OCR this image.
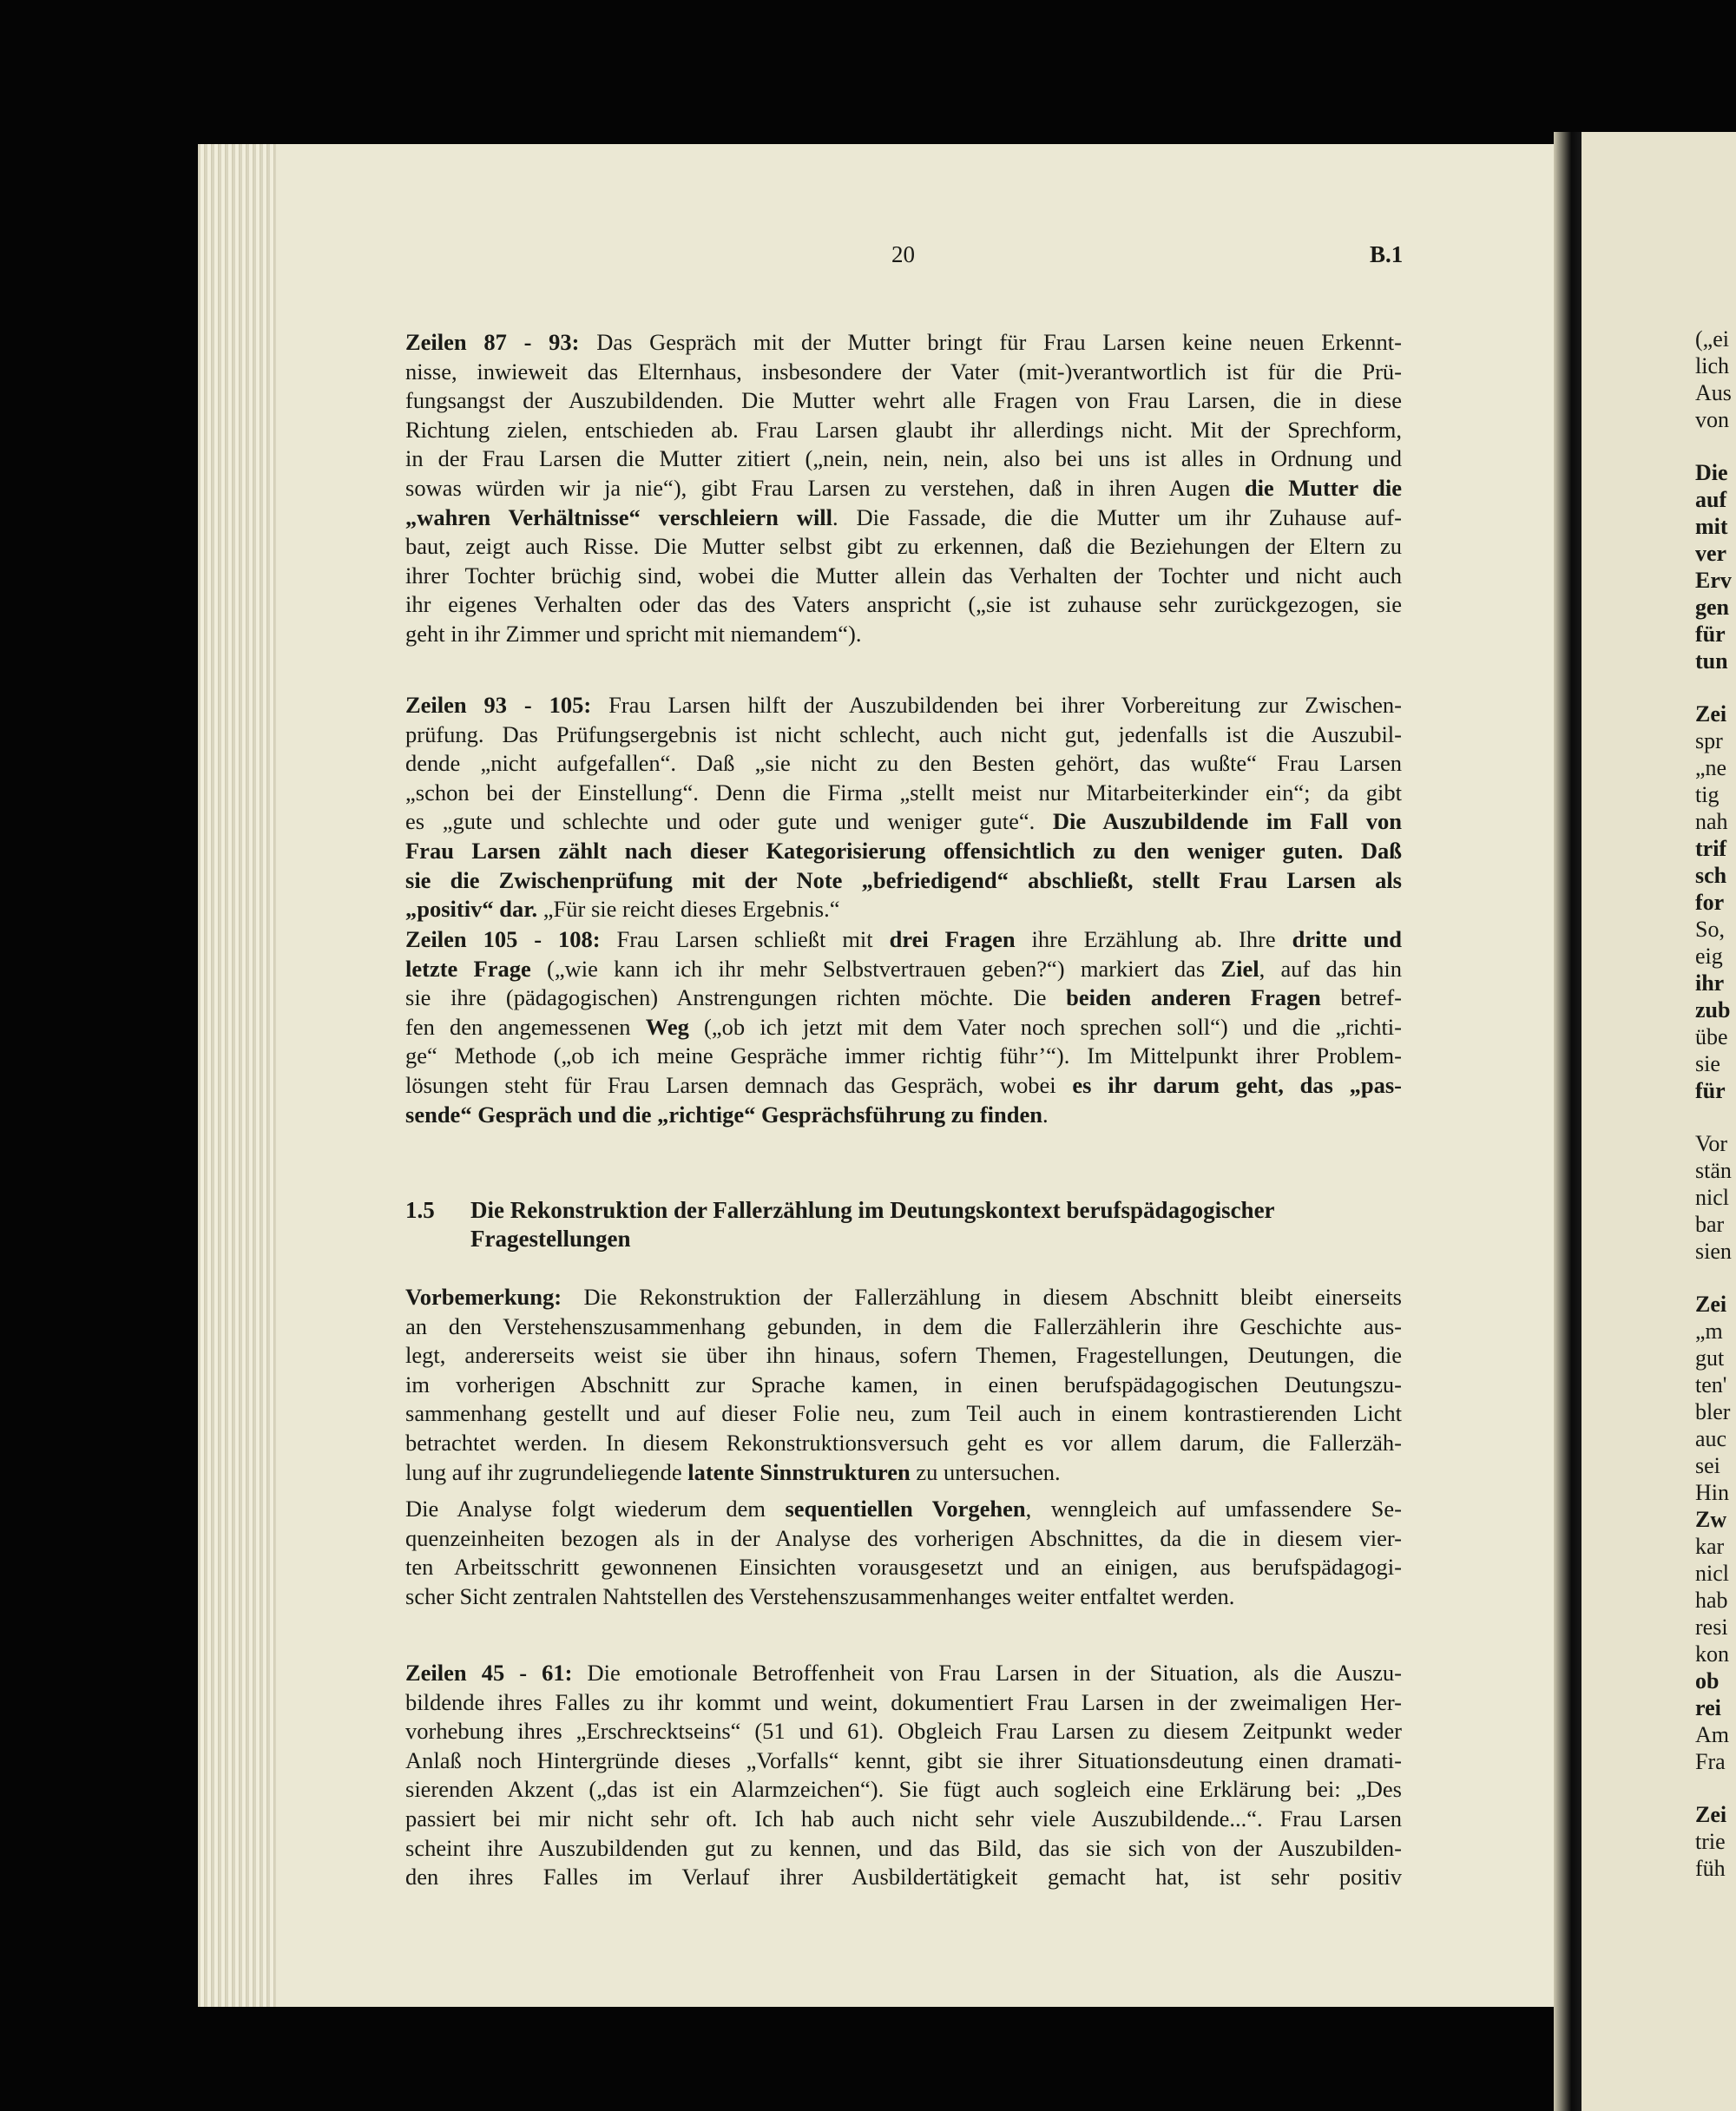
20	B.1
Zeilen 87 - 93: Das Gespräch mit der Mutter bringt für Frau Larsen keine neuen Erkennt-
nisse, inwieweit das Elternhaus, insbesondere der Vater (mit-)verantwortlich ist für die Prü-
fungsangst der Auszubildenden. Die Mutter wehrt alle Fragen von Frau Larsen, die in diese
Richtung zielen, entschieden ab. Frau Larsen glaubt ihr allerdings nicht. Mit der Sprechform,
in der Frau Larsen die Mutter zitiert („nein, nein, nein, also bei uns ist alles in Ordnung und
sowas würden wir ja nie“), gibt Frau Larsen zu verstehen, daß in ihren Augen die Mutter die
„wahren Verhältnisse“ verschleiern will. Die Fassade, die die Mutter um ihr Zuhause auf-
baut, zeigt auch Risse. Die Mutter selbst gibt zu erkennen, daß die Beziehungen der Eltern zu
ihrer Tochter brüchig sind, wobei die Mutter allein das Verhalten der Tochter und nicht auch
ihr eigenes Verhalten oder das des Vaters anspricht („sie ist zuhause sehr zurückgezogen, sie
geht in ihr Zimmer und spricht mit niemandem“).
Zeilen 93 - 105: Frau Larsen hilft der Auszubildenden bei ihrer Vorbereitung zur Zwischen-
prüfung. Das Prüfungsergebnis ist nicht schlecht, auch nicht gut, jedenfalls ist die Auszubil-
dende „nicht aufgefallen“. Daß „sie nicht zu den Besten gehört, das wußte“ Frau Larsen
„schon bei der Einstellung“. Denn die Firma „stellt meist nur Mitarbeiterkinder ein“; da gibt
es „gute und schlechte und oder gute und weniger gute“. Die Auszubildende im Fall von
Frau Larsen zählt nach dieser Kategorisierung offensichtlich zu den weniger guten. Daß
sie die Zwischenprüfung mit der Note „befriedigend“ abschließt, stellt Frau Larsen als
„positiv“ dar. „Für sie reicht dieses Ergebnis.“
Zeilen 105 - 108: Frau Larsen schließt mit drei Fragen ihre Erzählung ab. Ihre dritte und
letzte Frage („wie kann ich ihr mehr Selbstvertrauen geben?“) markiert das Ziel, auf das hin
sie ihre (pädagogischen) Anstrengungen richten möchte. Die beiden anderen Fragen betref-
fen den angemessenen Weg („ob ich jetzt mit dem Vater noch sprechen soll“) und die „richti-
ge“ Methode („ob ich meine Gespräche immer richtig führ’“). Im Mittelpunkt ihrer Problem-
lösungen steht für Frau Larsen demnach das Gespräch, wobei es ihr darum geht, das „pas-
sende“ Gespräch und die „richtige“ Gesprächsführung zu finden.
1.5 Die Rekonstruktion der Fallerzählung im Deutungskontext berufspädagogischer
Fragestellungen
Vorbemerkung: Die Rekonstruktion der Fallerzählung in diesem Abschnitt bleibt einerseits
an den Verstehenszusammenhang gebunden, in dem die Fallerzählerin ihre Geschichte aus-
legt, andererseits weist sie über ihn hinaus, sofern Themen, Fragestellungen, Deutungen, die
im vorherigen Abschnitt zur Sprache kamen, in einen berufspädagogischen Deutungszu-
sammenhang gestellt und auf dieser Folie neu, zum Teil auch in einem kontrastierenden Licht
betrachtet werden. In diesem Rekonstruktionsversuch geht es vor allem darum, die Fallerzäh-
lung auf ihr zugrundeliegende latente Sinnstrukturen zu untersuchen.
Die Analyse folgt wiederum dem sequentiellen Vorgehen, wenngleich auf umfassendere Se-
quenzeinheiten bezogen als in der Analyse des vorherigen Abschnittes, da die in diesem vier-
ten Arbeitsschritt gewonnenen Einsichten vorausgesetzt und an einigen, aus berufspädagogi-
scher Sicht zentralen Nahtstellen des Verstehenszusammenhanges weiter entfaltet werden.
Zeilen 45 - 61: Die emotionale Betroffenheit von Frau Larsen in der Situation, als die Auszu-
bildende ihres Falles zu ihr kommt und weint, dokumentiert Frau Larsen in der zweimaligen Her-
vorhebung ihres „Erschrecktseins“ (51 und 61). Obgleich Frau Larsen zu diesem Zeitpunkt weder
Anlaß noch Hintergründe dieses „Vorfalls“ kennt, gibt sie ihrer Situationsdeutung einen dramati-
sierenden Akzent („das ist ein Alarmzeichen“). Sie fügt auch sogleich eine Erklärung bei: „Des
passiert bei mir nicht sehr oft. Ich hab auch nicht sehr viele Auszubildende...“. Frau Larsen
scheint ihre Auszubildenden gut zu kennen, und das Bild, das sie sich von der Auszubilden-
den ihres Falles im Verlauf ihrer Ausbildertätigkeit gemacht hat, ist sehr positiv
(„ei
lich
Aus
von
Die
auf
mit
ver
Erv
gen
für
tun
Zei
spr
„ne
tig
nah
trif
sch
for
So,
eig
ihr
zub
übe
sie
für
Vor
stän
nicl
bar
sien
Zei
„m
gut
ten'
bler
auc
sei
Hin
Zw
kar
nicl
hab
resi
kon
ob
rei
Am
Fra
Zei
trie
füh
